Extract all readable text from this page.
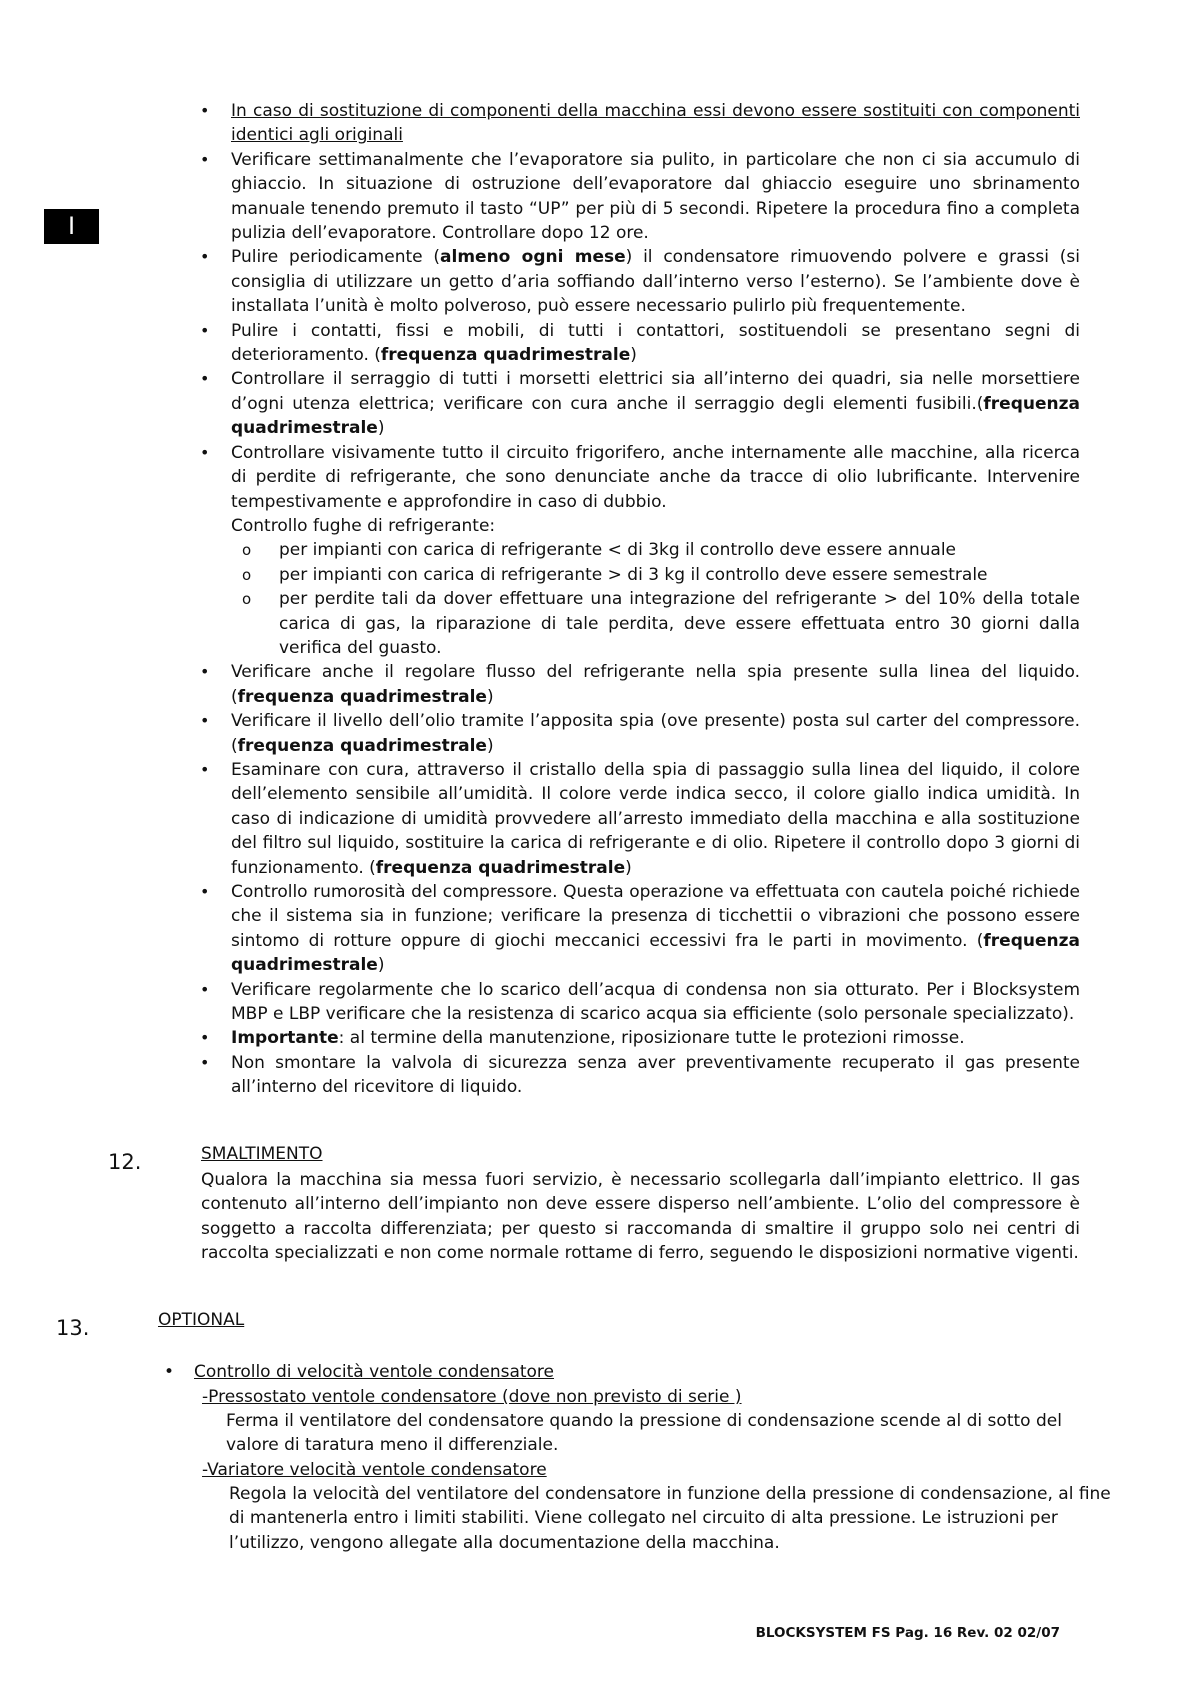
I
• In caso di sostituzione di componenti della macchina essi devono essere sostituiti con componenti identici agli originali
• Verificare settimanalmente che l’evaporatore sia pulito, in particolare che non ci sia accumulo di ghiaccio. In situazione di ostruzione dell’evaporatore dal ghiaccio eseguire uno sbrinamento manuale tenendo premuto il tasto “UP” per più di 5 secondi. Ripetere la procedura fino a completa pulizia dell’evaporatore. Controllare dopo 12 ore.
• Pulire periodicamente (almeno ogni mese) il condensatore rimuovendo polvere e grassi (si consiglia di utilizzare un getto d’aria soffiando dall’interno verso l’esterno). Se l’ambiente dove è installata l’unità è molto polveroso, può essere necessario pulirlo più frequentemente.
• Pulire i contatti, fissi e mobili, di tutti i contattori, sostituendoli se presentano segni di deterioramento. (frequenza quadrimestrale)
• Controllare il serraggio di tutti i morsetti elettrici sia all’interno dei quadri, sia nelle morsettiere d’ogni utenza elettrica; verificare con cura anche il serraggio degli elementi fusibili.(frequenza quadrimestrale)
• Controllare visivamente tutto il circuito frigorifero, anche internamente alle macchine, alla ricerca di perdite di refrigerante, che sono denunciate anche da tracce di olio lubrificante. Intervenire tempestivamente e approfondire in caso di dubbio.
Controllo fughe di refrigerante:
o per impianti con carica di refrigerante < di 3kg il controllo deve essere annuale
o per impianti con carica di refrigerante > di 3 kg il controllo deve essere semestrale
o per perdite tali da dover effettuare una integrazione del refrigerante > del 10% della totale carica di gas, la riparazione di tale perdita, deve essere effettuata entro 30 giorni dalla verifica del guasto.
• Verificare anche il regolare flusso del refrigerante nella spia presente sulla linea del liquido. (frequenza quadrimestrale)
• Verificare il livello dell’olio tramite l’apposita spia (ove presente) posta sul carter del compressore. (frequenza quadrimestrale)
• Esaminare con cura, attraverso il cristallo della spia di passaggio sulla linea del liquido, il colore dell’elemento sensibile all’umidità. Il colore verde indica secco, il colore giallo indica umidità. In caso di indicazione di umidità provvedere all’arresto immediato della macchina e alla sostituzione del filtro sul liquido, sostituire la carica di refrigerante e di olio. Ripetere il controllo dopo 3 giorni di funzionamento. (frequenza quadrimestrale)
• Controllo rumorosità del compressore. Questa operazione va effettuata con cautela poiché richiede che il sistema sia in funzione; verificare la presenza di ticchettii o vibrazioni che possono essere sintomo di rotture oppure di giochi meccanici eccessivi fra le parti in movimento. (frequenza quadrimestrale)
• Verificare regolarmente che lo scarico dell’acqua di condensa non sia otturato. Per i Blocksystem MBP e LBP verificare che la resistenza di scarico acqua sia efficiente (solo personale specializzato).
• Importante: al termine della manutenzione, riposizionare tutte le protezioni rimosse.
• Non smontare la valvola di sicurezza senza aver preventivamente recuperato il gas presente all’interno del ricevitore di liquido.
12.	SMALTIMENTO
Qualora la macchina sia messa fuori servizio, è necessario scollegarla dall’impianto elettrico. Il gas contenuto all’interno dell’impianto non deve essere disperso nell’ambiente. L’olio del compressore è soggetto a raccolta differenziata; per questo si raccomanda di smaltire il gruppo solo nei centri di raccolta specializzati e non come normale rottame di ferro, seguendo le disposizioni normative vigenti.
13.	OPTIONAL
• Controllo di velocità ventole condensatore
-Pressostato ventole condensatore (dove non previsto di serie )
Ferma il ventilatore del condensatore quando la pressione di condensazione scende al di sotto del valore di taratura meno il differenziale.
-Variatore velocità ventole condensatore
Regola la velocità del ventilatore del condensatore in funzione della pressione di condensazione, al fine di mantenerla entro i limiti stabiliti. Viene collegato nel circuito di alta pressione. Le istruzioni per l’utilizzo, vengono allegate alla documentazione della macchina.
BLOCKSYSTEM FS Pag. 16 Rev. 02 02/07
